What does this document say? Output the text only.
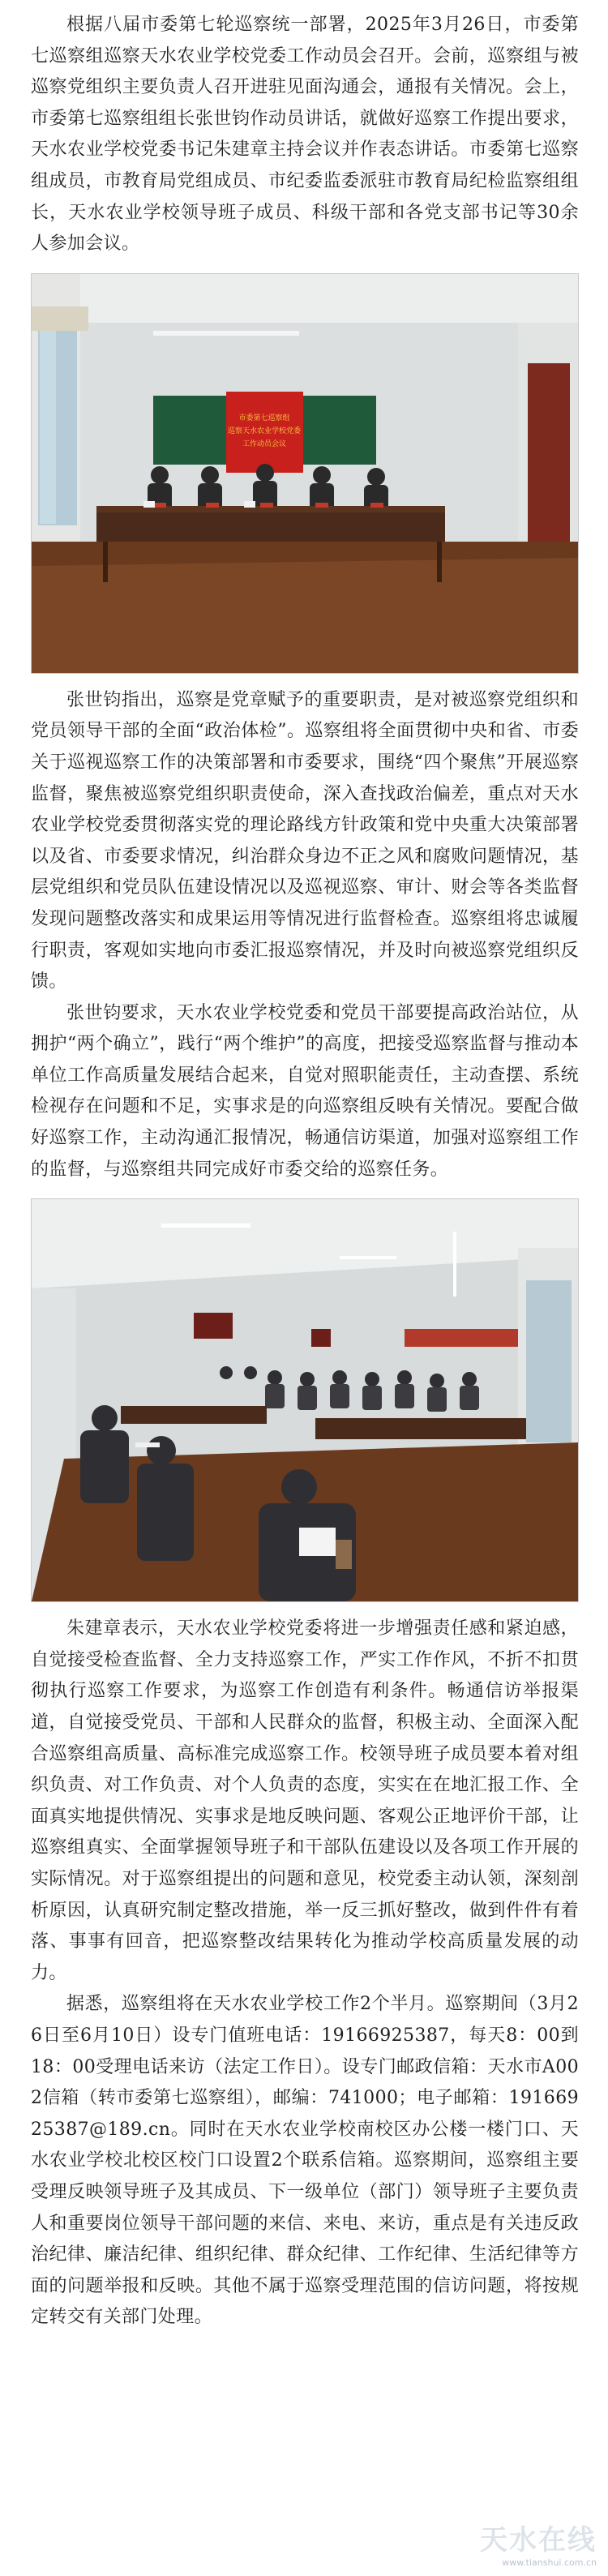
根据八届市委第七轮巡察统一部署，2025年3月26日，市委第七巡察组巡察天水农业学校党委工作动员会召开。会前，巡察组与被巡察党组织主要负责人召开进驻见面沟通会，通报有关情况。会上，市委第七巡察组组长张世钧作动员讲话，就做好巡察工作提出要求，天水农业学校党委书记朱建章主持会议并作表态讲话。市委第七巡察组成员，市教育局党组成员、市纪委监委派驻市教育局纪检监察组组长，天水农业学校领导班子成员、科级干部和各党支部书记等30余人参加会议。

市委第七巡察组
巡察天水农业学校党委
工作动员会议

张世钧指出，巡察是党章赋予的重要职责，是对被巡察党组织和党员领导干部的全面“政治体检”。巡察组将全面贯彻中央和省、市委关于巡视巡察工作的决策部署和市委要求，围绕“四个聚焦”开展巡察监督，聚焦被巡察党组织职责使命，深入查找政治偏差，重点对天水农业学校党委贯彻落实党的理论路线方针政策和党中央重大决策部署以及省、市委要求情况，纠治群众身边不正之风和腐败问题情况，基层党组织和党员队伍建设情况以及巡视巡察、审计、财会等各类监督发现问题整改落实和成果运用等情况进行监督检查。巡察组将忠诚履行职责，客观如实地向市委汇报巡察情况，并及时向被巡察党组织反馈。

张世钧要求，天水农业学校党委和党员干部要提高政治站位，从拥护“两个确立”，践行“两个维护”的高度，把接受巡察监督与推动本单位工作高质量发展结合起来，自觉对照职能责任，主动查摆、系统检视存在问题和不足，实事求是的向巡察组反映有关情况。要配合做好巡察工作，主动沟通汇报情况，畅通信访渠道，加强对巡察组工作的监督，与巡察组共同完成好市委交给的巡察任务。

朱建章表示，天水农业学校党委将进一步增强责任感和紧迫感，自觉接受检查监督、全力支持巡察工作，严实工作作风，不折不扣贯彻执行巡察工作要求，为巡察工作创造有利条件。畅通信访举报渠道，自觉接受党员、干部和人民群众的监督，积极主动、全面深入配合巡察组高质量、高标准完成巡察工作。校领导班子成员要本着对组织负责、对工作负责、对个人负责的态度，实实在在地汇报工作、全面真实地提供情况、实事求是地反映问题、客观公正地评价干部，让巡察组真实、全面掌握领导班子和干部队伍建设以及各项工作开展的实际情况。对于巡察组提出的问题和意见，校党委主动认领，深刻剖析原因，认真研究制定整改措施，举一反三抓好整改，做到件件有着落、事事有回音，把巡察整改结果转化为推动学校高质量发展的动力。

据悉，巡察组将在天水农业学校工作2个半月。巡察期间（3月26日至6月10日）设专门值班电话：19166925387，每天8：00到18：00受理电话来访（法定工作日）。设专门邮政信箱：天水市A002信箱（转市委第七巡察组），邮编：741000；电子邮箱：19166925387@189.cn。同时在天水农业学校南校区办公楼一楼门口、天水农业学校北校区校门口设置2个联系信箱。巡察期间，巡察组主要受理反映领导班子及其成员、下一级单位（部门）领导班子主要负责人和重要岗位领导干部问题的来信、来电、来访，重点是有关违反政治纪律、廉洁纪律、组织纪律、群众纪律、工作纪律、生活纪律等方面的问题举报和反映。其他不属于巡察受理范围的信访问题，将按规定转交有关部门处理。

天水在线
www.tianshui.com.cn
